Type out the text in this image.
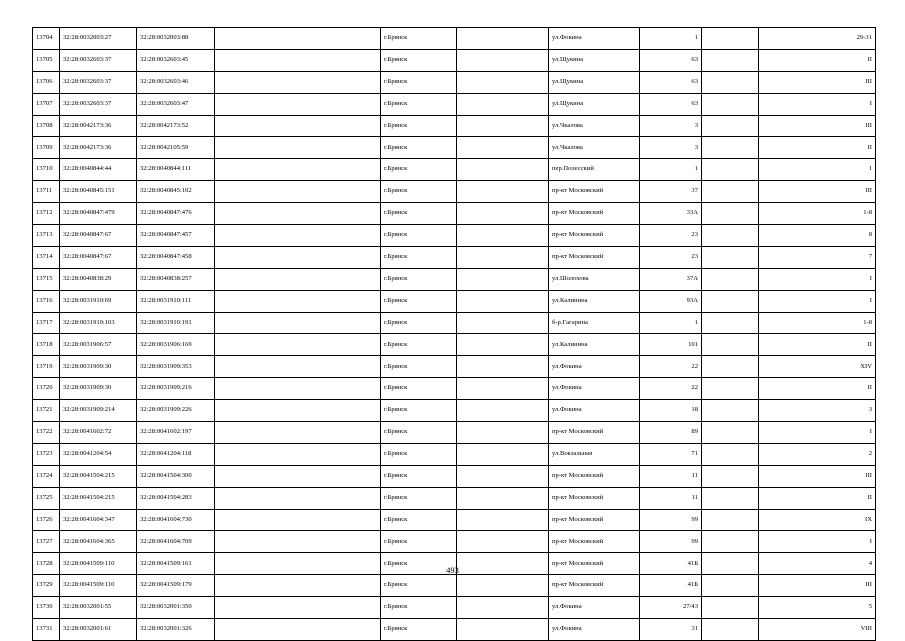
13704	32:28:0032003:27	32:28:0032003:88		г.Брянск		ул.Фокина	1		29-31
13705	32:28:0032603:37	32:28:0032603:45		г.Брянск		ул.Щукина	63		II
13706	32:28:0032603:37	32:28:0032603:46		г.Брянск		ул.Щукина	63		III
13707	32:28:0032603:37	32:28:0032603:47		г.Брянск		ул.Щукина	63		I
13708	32:28:0042173:36	32:28:0042173:52		г.Брянск		ул.Чкалова	3		III
13709	32:28:0042173:36	32:28:0042105:59		г.Брянск		ул.Чкалова	3		II
13710	32:28:0040844:44	32:28:0040844:111		г.Брянск		пер.Полесский	1		1
13711	32:28:0040845:151	32:28:0040845:102		г.Брянск		пр-кт Московский	37		III
13712	32:28:0040847:479	32:28:0040847:476		г.Брянск		пр-кт Московский	33А		1-8
13713	32:28:0040847:67	32:28:0040847:457		г.Брянск		пр-кт Московский	23		8
13714	32:28:0040847:67	32:28:0040847:458		г.Брянск		пр-кт Московский	23		7
13715	32:28:0040838:29	32:28:0040838:257		г.Брянск		ул.Шолохова	37А		I
13716	32:28:0031910:69	32:28:0031910:111		г.Брянск		ул.Калинина	93А		I
13717	32:28:0031910:103	32:28:0031910:191		г.Брянск		б-р.Гагарина	1		1-8
13718	32:28:0031906:57	32:28:0031906:169		г.Брянск		ул.Калинина	101		II
13719	32:28:0031909:30	32:28:0031909:353		г.Брянск		ул.Фокина	22		XIV
13720	32:28:0031909:30	32:28:0031909:216		г.Брянск		ул.Фокина	22		II
13721	32:28:0031909:214	32:28:0031909:226		г.Брянск		ул.Фокина	18		3
13722	32:28:0041602:72	32:28:0041602:197		г.Брянск		пр-кт Московский	89		I
13723	32:28:0041204:54	32:28:0041204:118		г.Брянск		ул.Вокзальная	71		2
13724	32:28:0041504:215	32:28:0041504:300		г.Брянск		пр-кт Московский	11		III
13725	32:28:0041504:215	32:28:0041504:283		г.Брянск		пр-кт Московский	11		II
13726	32:28:0041604:347	32:28:0041604:730		г.Брянск		пр-кт Московский	99		IX
13727	32:28:0041604:365	32:28:0041604:709		г.Брянск		пр-кт Московский	99		I
13728	32:28:0041509:110	32:28:0041509:161		г.Брянск		пр-кт Московский	41Б		4
13729	32:28:0041509:110	32:28:0041509:179		г.Брянск		пр-кт Московский	41Б		III
13730	32:28:0032001:55	32:28:0032001:350		г.Брянск		ул.Фокина	27/43		5
13731	32:28:0032001:61	32:28:0032001:326		г.Брянск		ул.Фокина	31		VIII
493
